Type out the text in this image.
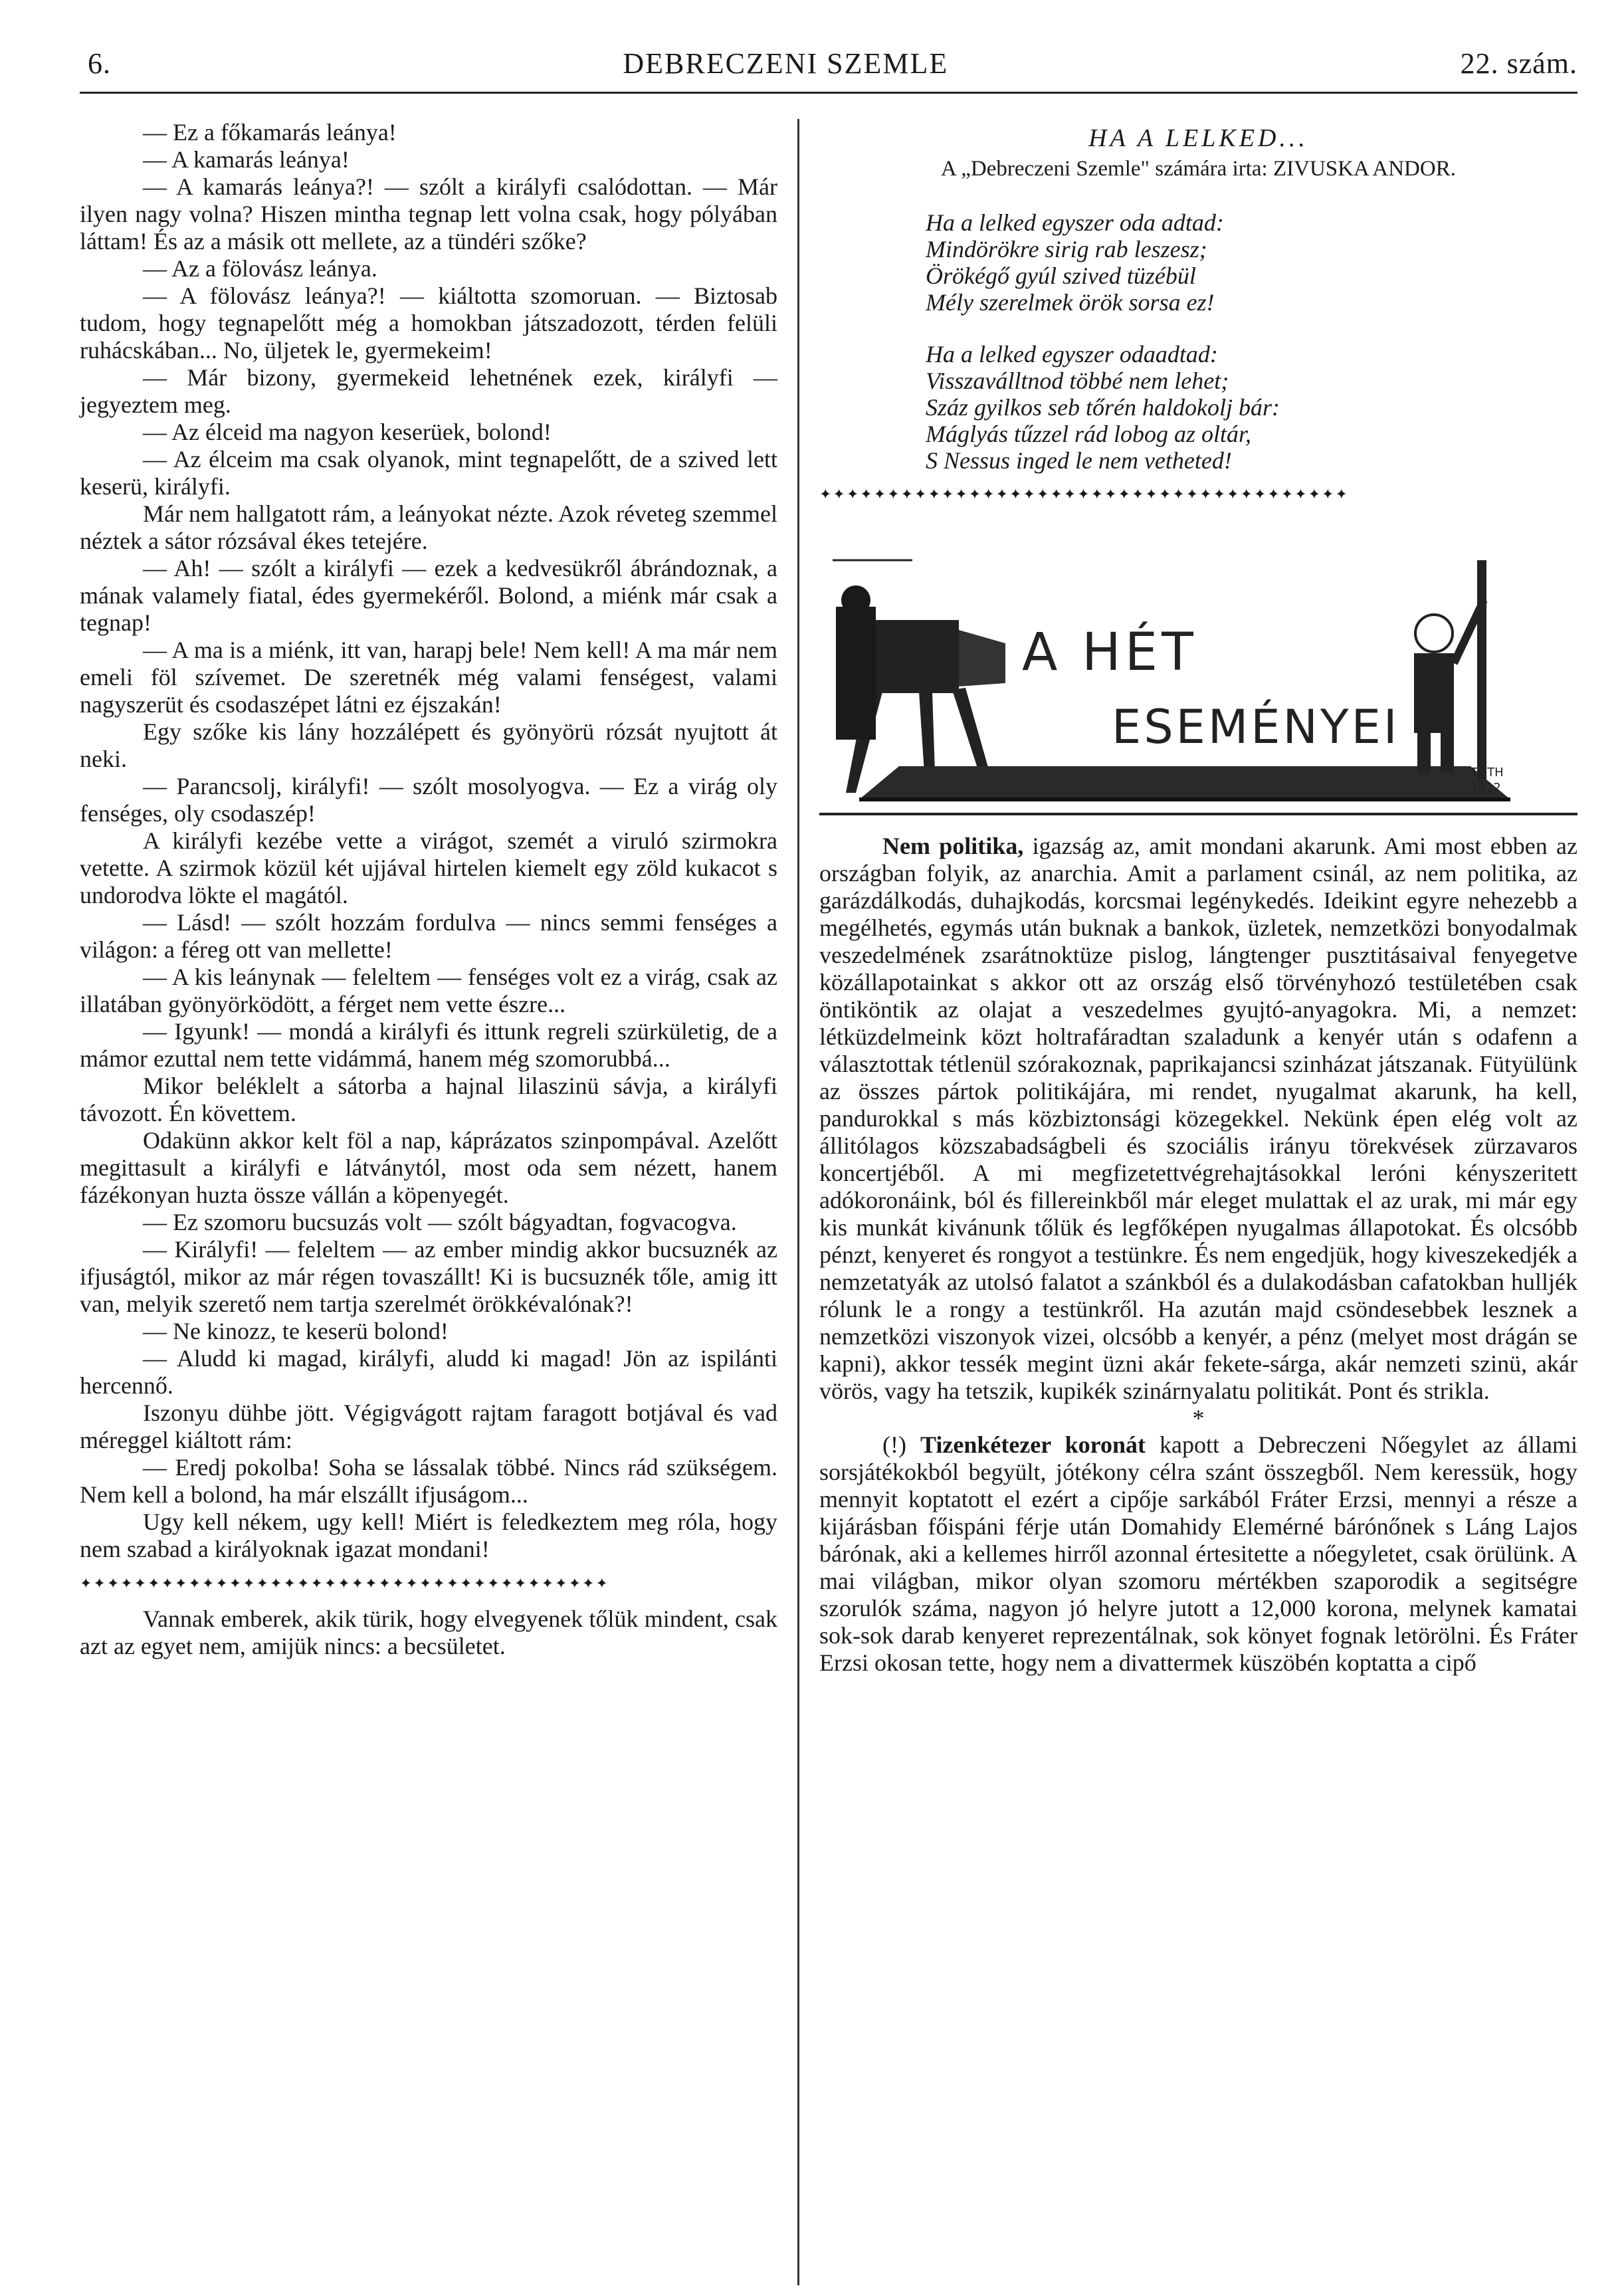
6.	DEBRECZENI SZEMLE	22. szám.

— Ez a főkamarás leánya!

— A kamarás leánya!

— A kamarás leánya?! — szólt a királyfi csalódottan. — Már ilyen nagy volna? Hiszen mintha tegnap lett volna csak, hogy pólyában láttam! És az a másik ott mellete, az a tündéri szőke?

— Az a fölovász leánya.

— A fölovász leánya?! — kiáltotta szomoruan. — Biztosab tudom, hogy tegnapelőtt még a homokban játszadozott, térden felüli ruhácskában... No, üljetek le, gyermekeim!

— Már bizony, gyermekeid lehetnének ezek, királyfi — jegyeztem meg.

— Az élceid ma nagyon keserüek, bolond!

— Az élceim ma csak olyanok, mint tegnapelőtt, de a szived lett keserü, királyfi.

Már nem hallgatott rám, a leányokat nézte. Azok réveteg szemmel néztek a sátor rózsával ékes tetejére.

— Ah! — szólt a királyfi — ezek a kedvesükről ábrándoznak, a mának valamely fiatal, édes gyermekéről. Bolond, a miénk már csak a tegnap!

— A ma is a miénk, itt van, harapj bele! Nem kell! A ma már nem emeli föl szívemet. De szeretnék még valami fenségest, valami nagyszerüt és csodaszépet látni ez éjszakán!

Egy szőke kis lány hozzálépett és gyönyörü rózsát nyujtott át neki.

— Parancsolj, királyfi! — szólt mosolyogva. — Ez a virág oly fenséges, oly csodaszép!

A királyfi kezébe vette a virágot, szemét a viruló szirmokra vetette. A szirmok közül két ujjával hirtelen kiemelt egy zöld kukacot s undorodva lökte el magától.

— Lásd! — szólt hozzám fordulva — nincs semmi fenséges a világon: a féreg ott van mellette!

— A kis leánynak — feleltem — fenséges volt ez a virág, csak az illatában gyönyörködött, a férget nem vette észre...

— Igyunk! — mondá a királyfi és ittunk regreli szürkületig, de a mámor ezuttal nem tette vidámmá, hanem még szomorubbá...

Mikor beléklelt a sátorba a hajnal lilaszinü sávja, a királyfi távozott. Én követtem.

Odakünn akkor kelt föl a nap, káprázatos szinpompával. Azelőtt megittasult a királyfi e látványtól, most oda sem nézett, hanem fázékonyan huzta össze vállán a köpenyegét.

— Ez szomoru bucsuzás volt — szólt bágyadtan, fogvacogva.

— Királyfi! — feleltem — az ember mindig akkor bucsuznék az ifjuságtól, mikor az már régen tovaszállt! Ki is bucsuznék tőle, amig itt van, melyik szerető nem tartja szerelmét örökkévalónak?!

— Ne kinozz, te keserü bolond!

— Aludd ki magad, királyfi, aludd ki magad! Jön az ispilánti hercennő.

Iszonyu dühbe jött. Végigvágott rajtam faragott botjával és vad méreggel kiáltott rám:

— Eredj pokolba! Soha se lássalak többé. Nincs rád szükségem. Nem kell a bolond, ha már elszállt ifjuságom...

Ugy kell nékem, ugy kell! Miért is feledkeztem meg róla, hogy nem szabad a királyoknak igazat mondani!

✦✦✦✦✦✦✦✦✦✦✦✦✦✦✦✦✦✦✦✦✦✦✦✦✦✦✦✦✦✦✦✦✦✦✦✦✦✦✦

Vannak emberek, akik türik, hogy elvegyenek tőlük mindent, csak azt az egyet nem, amijük nincs: a becsületet.

HA A LELKED...
A „Debreczeni Szemle" számára irta: ZIVUSKA ANDOR.

Ha a lelked egyszer oda adtad:

Mindörökre sirig rab leszesz;

Örökégő gyúl szived tüzébül

Mély szerelmek örök sorsa ez!

Ha a lelked egyszer odaadtad:

Visszaválltnod többé nem lehet;

Száz gyilkos seb tőrén haldokolj bár:

Máglyás tűzzel rád lobog az oltár,

S Nessus inged le nem vetheted!

✦✦✦✦✦✦✦✦✦✦✦✦✦✦✦✦✦✦✦✦✦✦✦✦✦✦✦✦✦✦✦✦✦✦✦✦✦✦✦
A HÉT
ESEMÉNYEI
TÓTH
1912

Nem politika, igazság az, amit mondani akarunk. Ami most ebben az országban folyik, az anarchia. Amit a parlament csinál, az nem politika, az garázdálkodás, duhajkodás, korcsmai legénykedés. Ideikint egyre nehezebb a megélhetés, egymás után buknak a bankok, üzletek, nemzetközi bonyodalmak veszedelmének zsarátnoktüze pislog, lángtenger pusztitásaival fenyegetve közállapotainkat s akkor ott az ország első törvényhozó testületében csak öntiköntik az olajat a veszedelmes gyujtó-anyagokra. Mi, a nemzet: létküzdelmeink közt holtrafáradtan szaladunk a kenyér után s odafenn a választottak tétlenül szórakoznak, paprikajancsi szinházat játszanak. Fütyülünk az összes pártok politikájára, mi rendet, nyugalmat akarunk, ha kell, pandurokkal s más közbiztonsági közegekkel. Nekünk épen elég volt az állitólagos közszabadságbeli és szociális irányu törekvések zürzavaros koncertjéből. A mi megfizetettvégrehajtásokkal leróni kényszeritett adókoronáink, ból és fillereinkből már eleget mulattak el az urak, mi már egy kis munkát kivánunk tőlük és legfőképen nyugalmas állapotokat. És olcsóbb pénzt, kenyeret és rongyot a testünkre. És nem engedjük, hogy kiveszekedjék a nemzetatyák az utolsó falatot a szánkból és a dulakodásban cafatokban hulljék rólunk le a rongy a testünkről. Ha azután majd csöndesebbek lesznek a nemzetközi viszonyok vizei, olcsóbb a kenyér, a pénz (melyet most drágán se kapni), akkor tessék megint üzni akár fekete-sárga, akár nemzeti szinü, akár vörös, vagy ha tetszik, kupikék szinárnyalatu politikát. Pont és strikla.

*

(!) Tizenkétezer koronát kapott a Debreczeni Nőegylet az állami sorsjátékokból begyült, jótékony célra szánt összegből. Nem keressük, hogy mennyit koptatott el ezért a cipője sarkából Fráter Erzsi, mennyi a része a kijárásban főispáni férje után Domahidy Elemérné bárónőnek s Láng Lajos bárónak, aki a kellemes hirről azonnal értesitette a nőegyletet, csak örülünk. A mai világban, mikor olyan szomoru mértékben szaporodik a segitségre szorulók száma, nagyon jó helyre jutott a 12,000 korona, melynek kamatai sok-sok darab kenyeret reprezentálnak, sok könyet fognak letörölni. És Fráter Erzsi okosan tette, hogy nem a divattermek küszöbén koptatta a cipő
